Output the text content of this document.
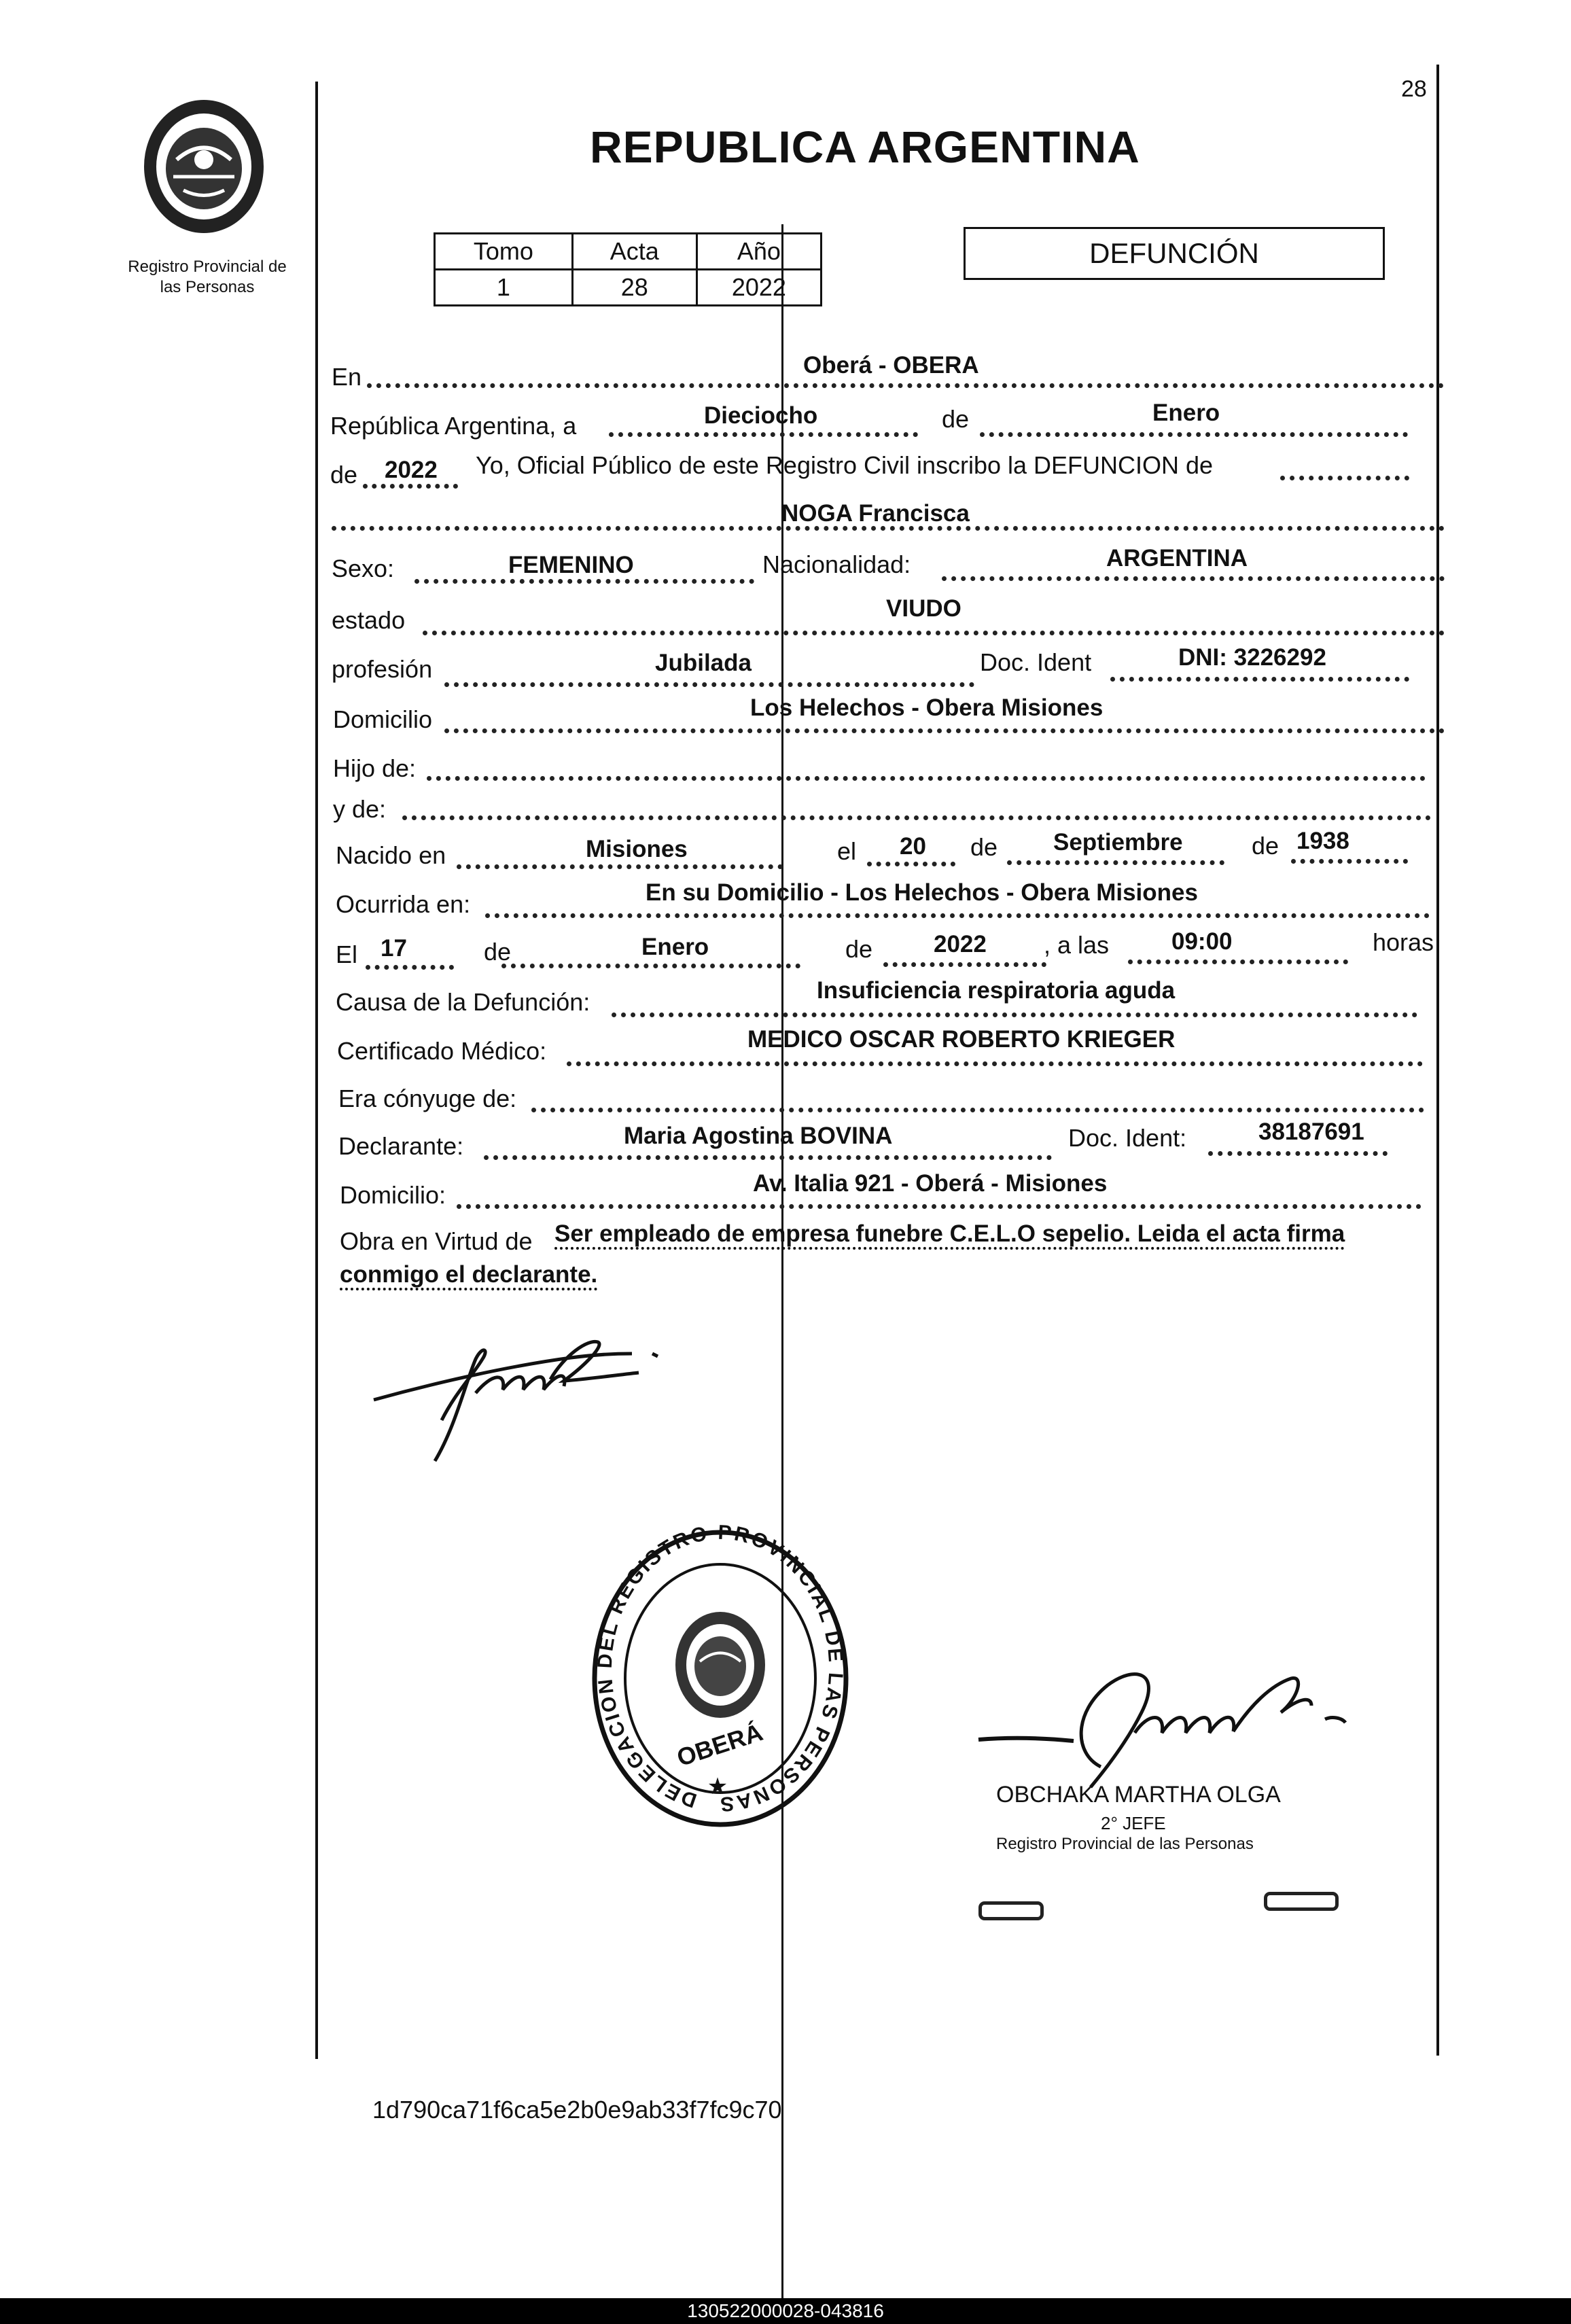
28
Registro Provincial de las Personas
REPUBLICA ARGENTINA
Tomo	Acta	Año
1	28	2022
DEFUNCIÓN
En	Oberá - OBERA
República Argentina, a	Dieciocho	de	Enero
de 2022 Yo, Oficial Público de este Registro Civil inscribo la DEFUNCION de
NOGA Francisca
Sexo:	FEMENINO	Nacionalidad:	ARGENTINA
estado	VIUDO
profesión	Jubilada	Doc. Ident	DNI: 3226292
Domicilio	Los Helechos - Obera Misiones
Hijo de:
y de:
Nacido en	Misiones	el 20 de Septiembre	de 1938
Ocurrida en:	En su Domicilio - Los Helechos - Obera Misiones
El 17	de	Enero	de	2022 , a las	09:00	horas
Causa de la Defunción:	Insuficiencia respiratoria aguda
Certificado Médico:	MEDICO OSCAR ROBERTO KRIEGER
Era cónyuge de:
Declarante:	Maria Agostina BOVINA	Doc. Ident:	38187691
Domicilio:	Av. Italia 921 - Oberá - Misiones
Obra en Virtud de Ser empleado de empresa funebre C.E.L.O sepelio. Leida el acta firma
conmigo el declarante.
DELEGACION DEL REGISTRO PROVINCIAL DE LAS PERSONAS
OBERÁ
★	OBCHAKA MARTHA OLGA
2° JEFE
Registro Provincial de las Personas
1d790ca71f6ca5e2b0e9ab33f7fc9c70
130522000028-043816
